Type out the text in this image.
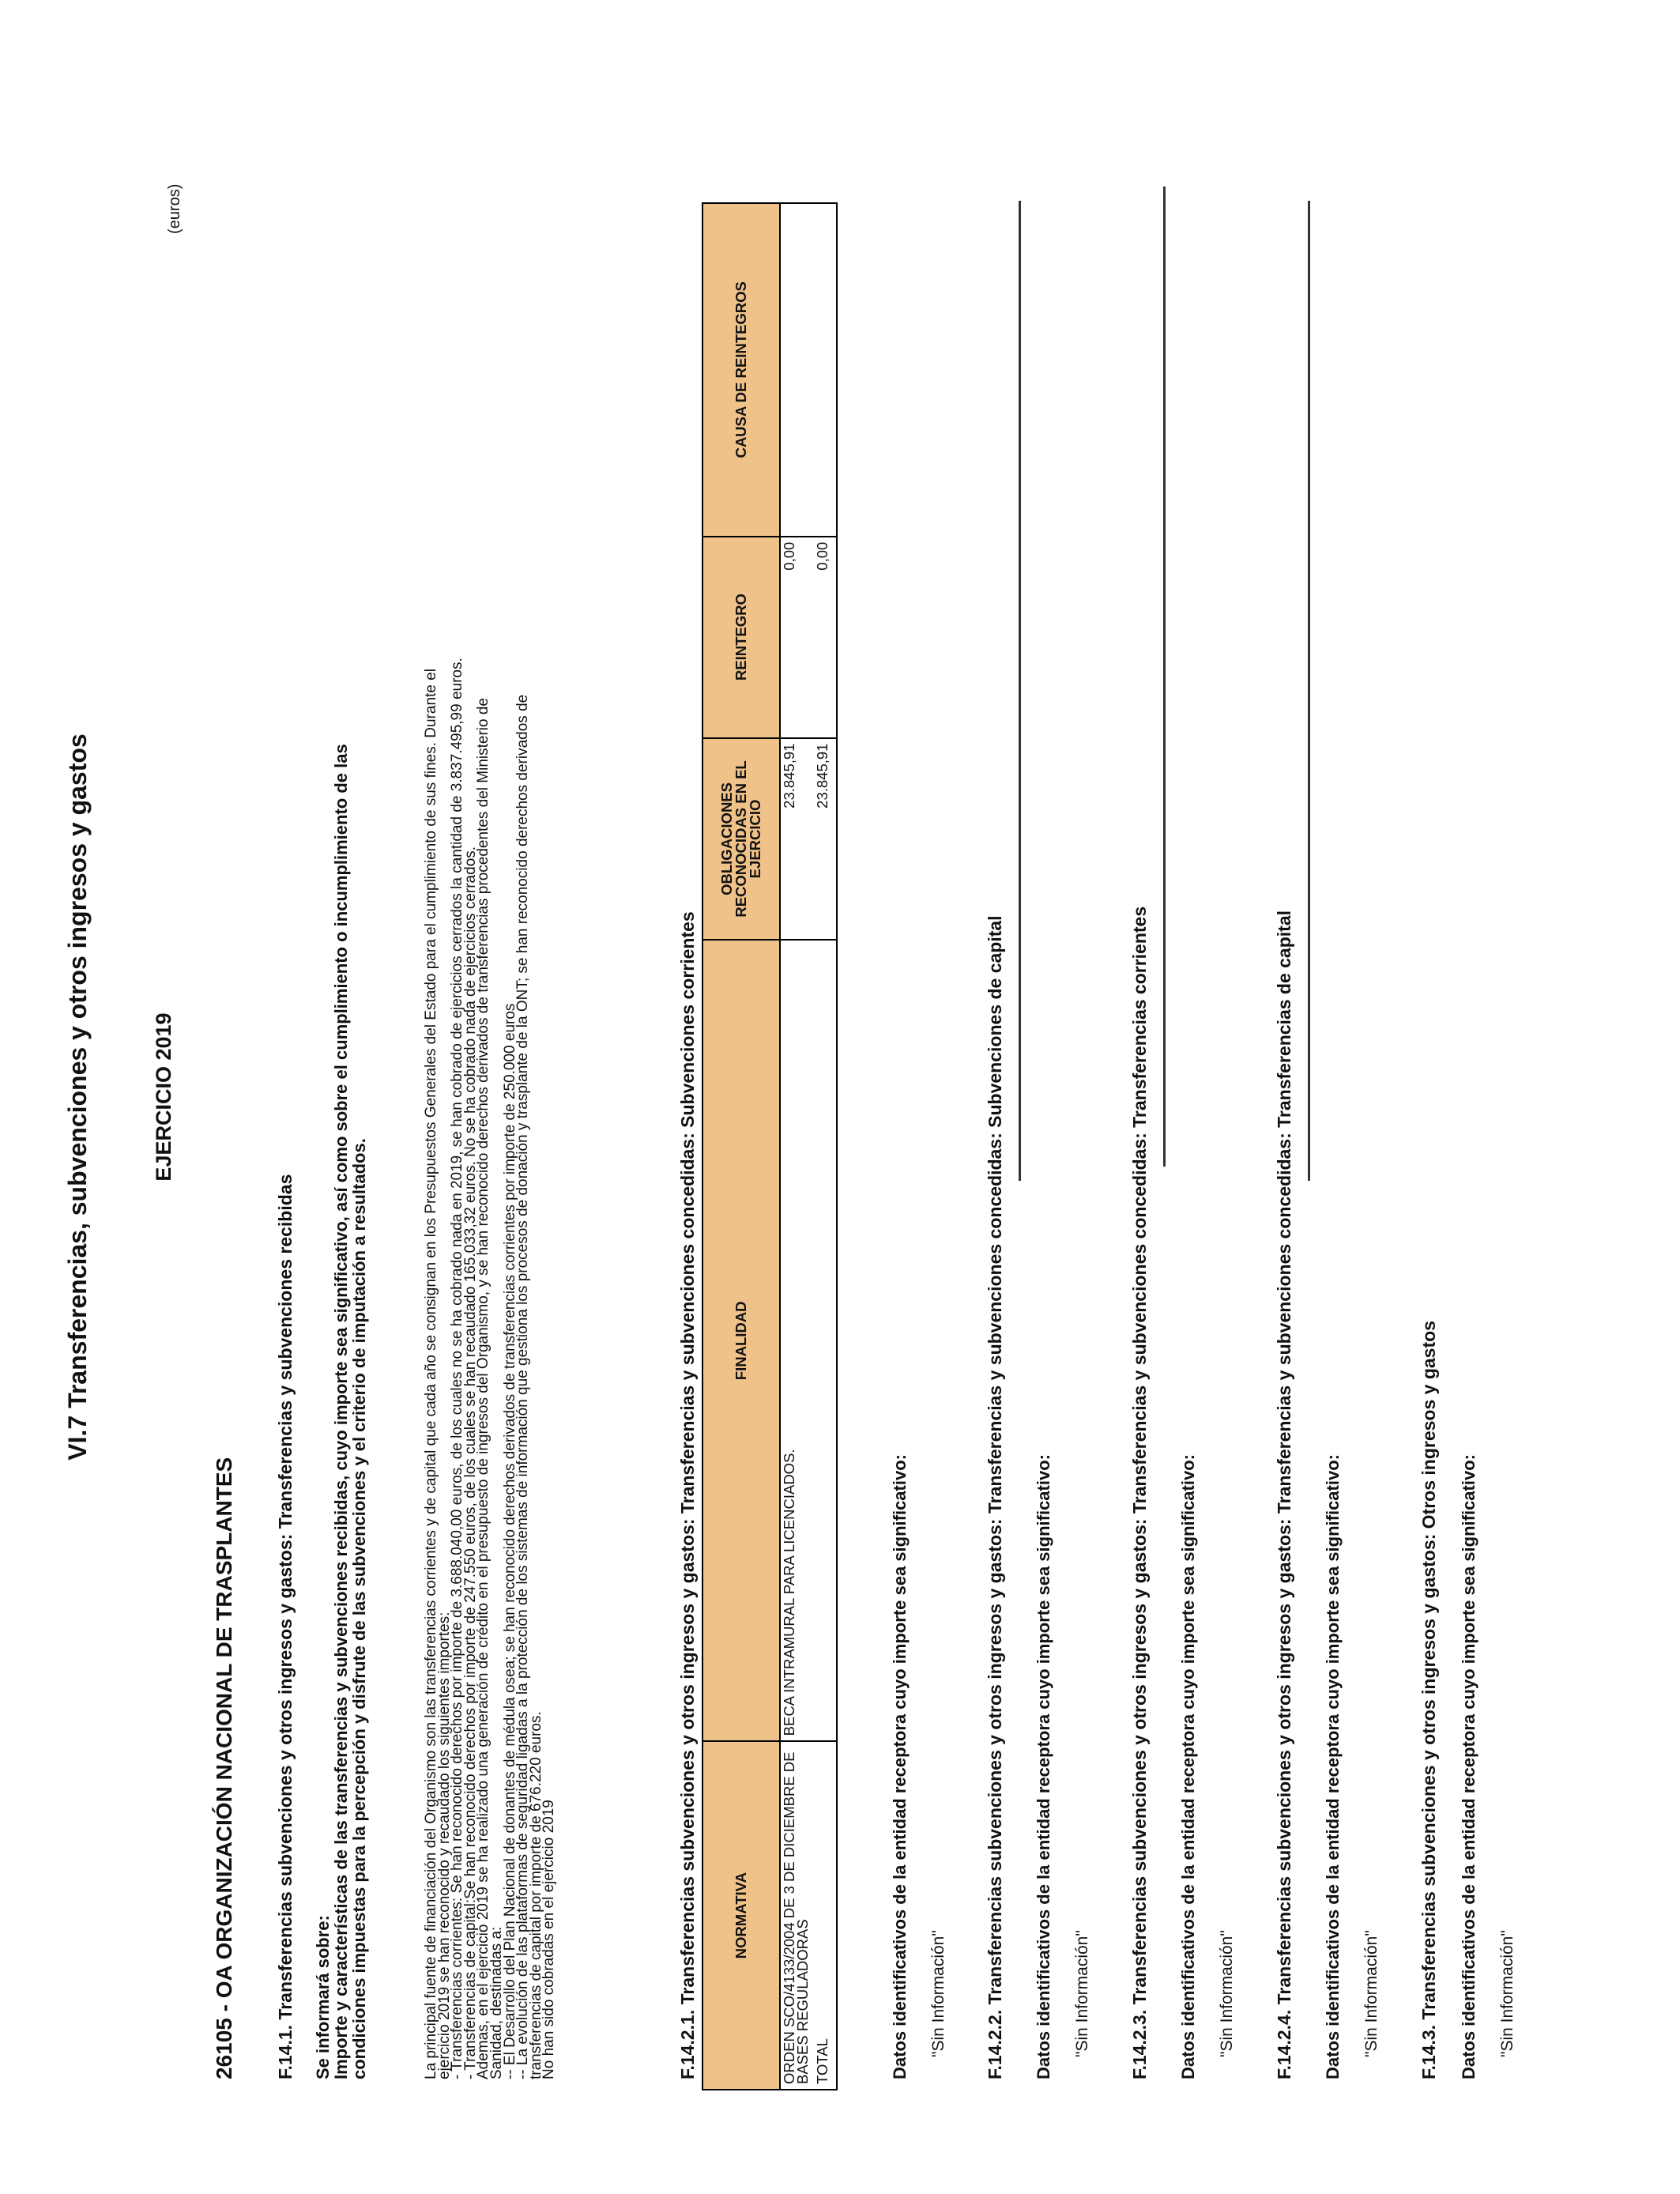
VI.7 Transferencias, subvenciones y otros ingresos y gastos	EJERCICIO 2019
(euros)
26105 - OA ORGANIZACIÓN NACIONAL DE TRASPLANTES F.14.1. Transferencias subvenciones y otros ingresos y gastos: Transferencias y subvenciones recibidas Se informará sobre:
Importe y características de las transferencias y subvenciones recibidas, cuyo importe sea significativo, así como sobre el cumplimiento o incumplimiento de las
condiciones impuestas para la percepción y disfrute de las subvenciones y el criterio de imputación a resultados.	La principal fuente de financiación del Organismo son las transferencias corrientes y de capital que cada año se consignan en los Presupuestos Generales del Estado para el cumplimiento de sus fines. Durante el
ejercicio 2019 se han reconocido y recaudado los siguientes importes:
- Transferencias corrientes: Se han reconocido derechos por importe de 3.688.040,00 euros, de los cuales no se ha cobrado nada en 2019, se han cobrado de ejercicios cerrados la cantidad de 3.837.495,99 euros.
- Transferencias de capital:Se han reconocido derechos por importe de 247.550 euros, de los cuales se han recaudado 165.033,32 euros. No se ha cobrado nada de ejercicios cerrados.
Ademas, en el ejercicio 2019 se ha realizado una generación de crédito en el presupuesto de ingresos del Organismo, y se han reconocido derechos derivados de transferencias procedentes del Ministerio de
Sanidad, destinadas a:
-- El Desarrollo del Plan Nacional de donantes de médula osea; se han reconocido derechos derivados de transferencias corrientes por importe de 250.000 euros
-- La evolución de las plataformas de seguridad ligadas a la protección de los sistemas de información que gestiona los procesos de donación y trasplante de la ONT; se han reconocido derechos derivados de
transferencias de capital por importe de 676.220 euros.
No han sido cobradas en el ejercicio 2019	F.14.2.1. Transferencias subvenciones y otros ingresos y gastos: Transferencias y subvenciones concedidas: Subvenciones corrientes NORMATIVA	FINALIDAD	OBLIGACIONES RECONOCIDAS EN EL EJERCICIO	REINTEGRO	CAUSA DE REINTEGROS
ORDEN SCO/4133/2004 DE 3 DE DICIEMBRE DE BASES REGULADORAS	BECA INTRAMURAL PARA LICENCIADOS.	23.845,91	0,00	
TOTAL		23.845,91	0,00	
Datos identificativos de la entidad receptora cuyo importe sea significativo: "Sin Información" F.14.2.2. Transferencias subvenciones y otros ingresos y gastos: Transferencias y subvenciones concedidas: Subvenciones de capital Datos identificativos de la entidad receptora cuyo importe sea significativo: "Sin Información" F.14.2.3. Transferencias subvenciones y otros ingresos y gastos: Transferencias y subvenciones concedidas: Transferencias corrientes Datos identificativos de la entidad receptora cuyo importe sea significativo: "Sin Información" F.14.2.4. Transferencias subvenciones y otros ingresos y gastos: Transferencias y subvenciones concedidas: Transferencias de capital Datos identificativos de la entidad receptora cuyo importe sea significativo: "Sin Información" F.14.3. Transferencias subvenciones y otros ingresos y gastos: Otros ingresos y gastos Datos identificativos de la entidad receptora cuyo importe sea significativo: "Sin Información"
